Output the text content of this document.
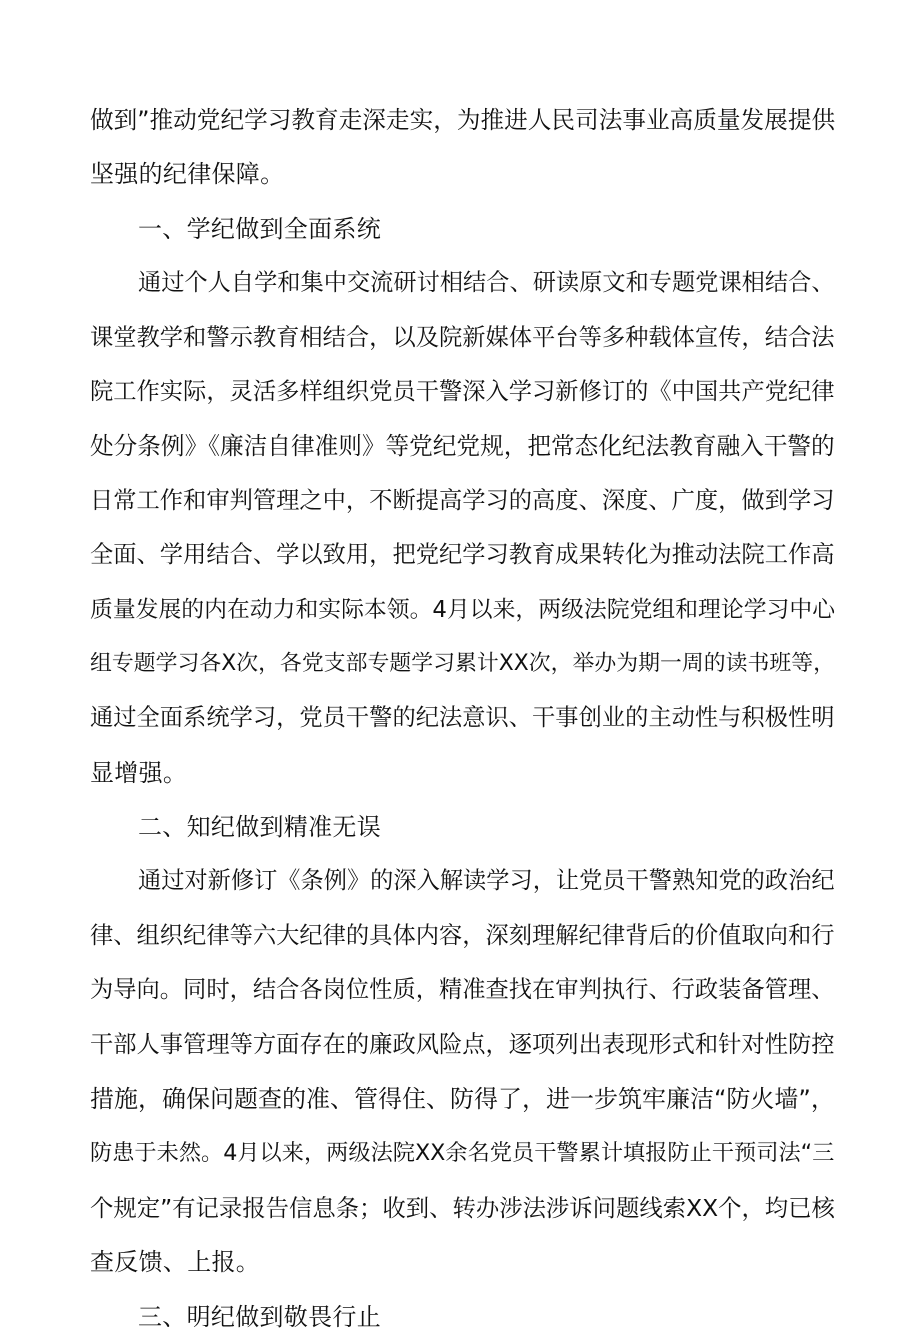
做到”推动党纪学习教育走深走实，为推进人民司法事业高质量发展提供
坚强的纪律保障。
一、学纪做到全面系统
通过个人自学和集中交流研讨相结合、研读原文和专题党课相结合、
课堂教学和警示教育相结合，以及院新媒体平台等多种载体宣传，结合法
院工作实际，灵活多样组织党员干警深入学习新修订的《中国共产党纪律
处分条例》《廉洁自律准则》等党纪党规，把常态化纪法教育融入干警的
日常工作和审判管理之中，不断提高学习的高度、深度、广度，做到学习
全面、学用结合、学以致用，把党纪学习教育成果转化为推动法院工作高
质量发展的内在动力和实际本领。4月以来，两级法院党组和理论学习中心
组专题学习各X次，各党支部专题学习累计XX次，举办为期一周的读书班等，
通过全面系统学习，党员干警的纪法意识、干事创业的主动性与积极性明
显增强。
二、知纪做到精准无误
通过对新修订《条例》的深入解读学习，让党员干警熟知党的政治纪
律、组织纪律等六大纪律的具体内容，深刻理解纪律背后的价值取向和行
为导向。同时，结合各岗位性质，精准查找在审判执行、行政装备管理、
干部人事管理等方面存在的廉政风险点，逐项列出表现形式和针对性防控
措施，确保问题查的准、管得住、防得了，进一步筑牢廉洁“防火墙”，
防患于未然。4月以来，两级法院XX余名党员干警累计填报防止干预司法“三
个规定”有记录报告信息条；收到、转办涉法涉诉问题线索XX个，均已核
查反馈、上报。
三、明纪做到敬畏行止
